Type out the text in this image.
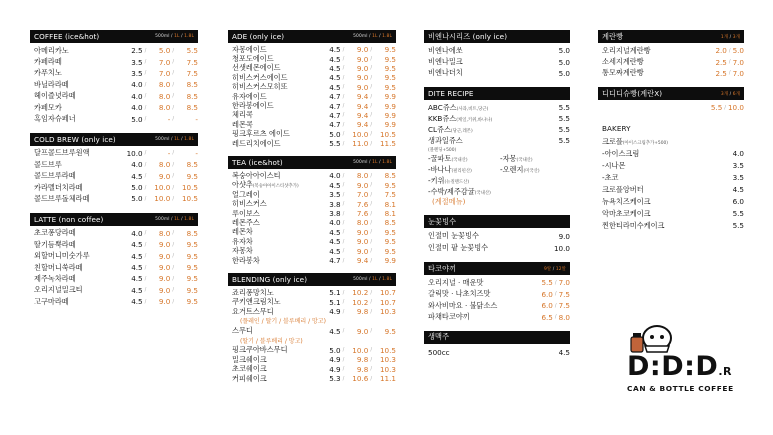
COFFEE (ice&hot)	500ml / 1L / 1.8L
아메리카노	2.5 /	5.0 /	5.5
카페라떼	3.5 /	7.0 /	7.5
카푸치노	3.5 /	7.0 /	7.5
바닐라라떼	4.0 /	8.0 /	8.5
헤이즐넛라떼	4.0 /	8.0 /	8.5
카페모카	4.0 /	8.0 /	8.5
흑임자슈페너	5.0 /	- /	-
COLD BREW (only ice)	500ml / 1L / 1.8L
달프콜드브루원액	10.0 /	- /	-
콜드브루	4.0 /	8.0 /	8.5
콜드브루라떼	4.5 /	9.0 /	9.5
카라멜더치라떼	5.0 /	10.0 /	10.5
콜드브루돌체라떼	5.0 /	10.0 /	10.5
LATTE (non coffee)	500ml / 1L / 1.8L
초코퐁당라떼	4.0 /	8.0 /	8.5
딸기듬뿍라떼	4.5 /	9.0 /	9.5
외할머니미숫가루	4.5 /	9.0 /	9.5
친할머니쑥라떼	4.5 /	9.0 /	9.5
제주녹차라떼	4.5 /	9.0 /	9.5
오리지널밀크티	4.5 /	9.0 /	9.5
고구마라떼	4.5 /	9.0 /	9.5
ADE (only ice)	500ml / 1L / 1.8L
자몽에이드	4.5 /	9.0 /	9.5
청포도에이드	4.5 /	9.0 /	9.5
선샛레몬에이드	4.5 /	9.0 /	9.5
히비스커스에이드	4.5 /	9.0 /	9.5
히비스커스모히또	4.5 /	9.0 /	9.5
유자에이드	4.7 /	9.4 /	9.9
한라봉에이드	4.7 /	9.4 /	9.9
체리콕	4.7 /	9.4 /	9.9
레몬콕	4.7 /	9.4 /	9.9
핑크후르츠 에이드	5.0 /	10.0 /	10.5
레드리치에이드	5.5 /	11.0 /	11.5
TEA (ice&hot)	500ml / 1L / 1.8L
복숭아아이스티	4.0 /	8.0 /	8.5
아샷추(복숭아아이스티샷추가)	4.5 /	9.0 /	9.5
얼그레이	3.5 /	7.0 /	7.5
히비스커스	3.8 /	7.6 /	8.1
루이보스	3.8 /	7.6 /	8.1
레몬주스	4.0 /	8.0 /	8.5
레몬차	4.5 /	9.0 /	9.5
유자차	4.5 /	9.0 /	9.5
자몽차	4.5 /	9.0 /	9.5
한라봉차	4.7 /	9.4 /	9.9
BLENDING (only ice)	500ml / 1L / 1.8L
죠리퐁망치노	5.1 /	10.2 /	10.7
쿠키앤크림치노	5.1 /	10.2 /	10.7
요거트스무디	4.9 /	9.8 /	10.3
(플레인 / 딸기 / 블루베리 / 망고)
스무디	4.5 /	9.0 /	9.5
(딸기 / 블루베리 / 망고)
핑크쿠아바스무디	5.0 /	10.0 /	10.5
밀크쉐이크	4.9 /	9.8 /	10.3
초코쉐이크	4.9 /	9.8 /	10.3
커피쉐이크	5.3 /	10.6 /	11.1
비엔나시리즈 (only ice)
비엔나에쏘	5.0
비엔나밀크	5.0
비엔나더치	5.0
DITE RECIPE
ABC쥬스(사과,비트,당근)	5.5
KKB쥬스(케일,키위,바나나)	5.5
CL쥬스(당근,레몬)	5.5
생과일쥬스	5.5
(블렌딩+500)
-꿀파토(국내산)	-자몽(국내산)
-바나나(필리핀산)	-오렌지(미국산)
-키위(뉴질랜드산)
-수박/제주감귤(국내산)
(계절메뉴)
눈꽃빙수
인절미 눈꽃빙수	9.0
인절미 팥 눈꽃빙수	10.0
타코야끼	9알 / 12알
오리지널 · 매운맛	5.5 / 7.0
갈릭맛 · 나초치즈맛	6.0 / 7.5
와사비마요 · 불닭소스	6.0 / 7.5
파채타코야끼	6.5 / 8.0
생맥주
500cc	4.5
계란빵	1개 / 3개
오리지널계란빵	2.0 / 5.0
소세지계란빵	2.5 / 7.0
통모짜계란빵	2.5 / 7.0
디디디슈빵(계란X)	3개 / 6개
5.5 / 10.0
BAKERY
크로플(아이스크림추가+500)
-아이스크림	4.0
-시나몬	3.5
-초코	3.5
크로플앙버터	4.5
뉴욕치즈케이크	6.0
악마초코케이크	5.5
찐한티라미수케이크	5.5
D:D:D.R
CAN & BOTTLE COFFEE
